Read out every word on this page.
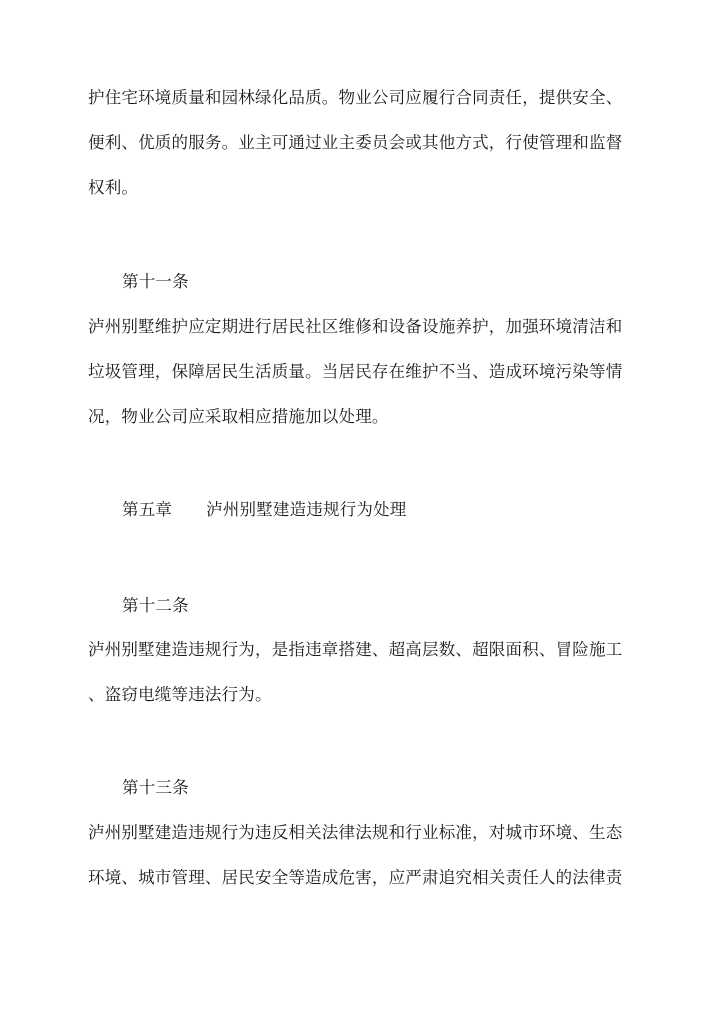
护住宅环境质量和园林绿化品质。物业公司应履行合同责任，提供安全、
便利、优质的服务。业主可通过业主委员会或其他方式，行使管理和监督
权利。
第十一条
泸州别墅维护应定期进行居民社区维修和设备设施养护，加强环境清洁和
垃圾管理，保障居民生活质量。当居民存在维护不当、造成环境污染等情
况，物业公司应采取相应措施加以处理。
第五章 泸州别墅建造违规行为处理
第十二条
泸州别墅建造违规行为，是指违章搭建、超高层数、超限面积、冒险施工
、盗窃电缆等违法行为。
第十三条
泸州别墅建造违规行为违反相关法律法规和行业标准，对城市环境、生态
环境、城市管理、居民安全等造成危害，应严肃追究相关责任人的法律责
